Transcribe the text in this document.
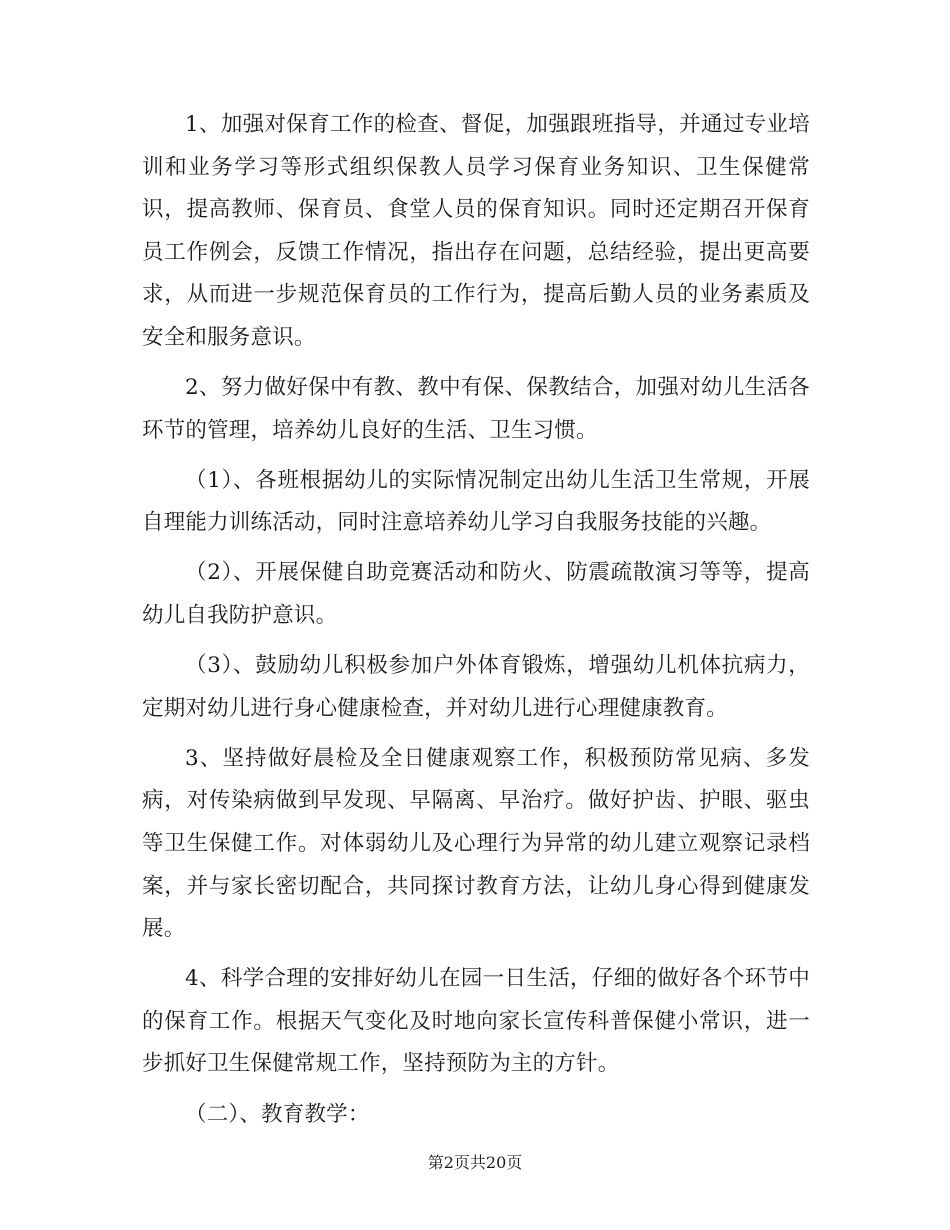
1、加强对保育工作的检查、督促，加强跟班指导，并通过专业培训和业务学习等形式组织保教人员学习保育业务知识、卫生保健常识，提高教师、保育员、食堂人员的保育知识。同时还定期召开保育员工作例会，反馈工作情况，指出存在问题，总结经验，提出更高要求，从而进一步规范保育员的工作行为，提高后勤人员的业务素质及安全和服务意识。

2、努力做好保中有教、教中有保、保教结合，加强对幼儿生活各环节的管理，培养幼儿良好的生活、卫生习惯。

（1）、各班根据幼儿的实际情况制定出幼儿生活卫生常规，开展自理能力训练活动，同时注意培养幼儿学习自我服务技能的兴趣。

（2）、开展保健自助竞赛活动和防火、防震疏散演习等等，提高幼儿自我防护意识。

（3）、鼓励幼儿积极参加户外体育锻炼，增强幼儿机体抗病力，定期对幼儿进行身心健康检查，并对幼儿进行心理健康教育。

3、坚持做好晨检及全日健康观察工作，积极预防常见病、多发病，对传染病做到早发现、早隔离、早治疗。做好护齿、护眼、驱虫等卫生保健工作。对体弱幼儿及心理行为异常的幼儿建立观察记录档案，并与家长密切配合，共同探讨教育方法，让幼儿身心得到健康发展。

4、科学合理的安排好幼儿在园一日生活，仔细的做好各个环节中的保育工作。根据天气变化及时地向家长宣传科普保健小常识，进一步抓好卫生保健常规工作，坚持预防为主的方针。

（二）、教育教学：

第2页共20页
